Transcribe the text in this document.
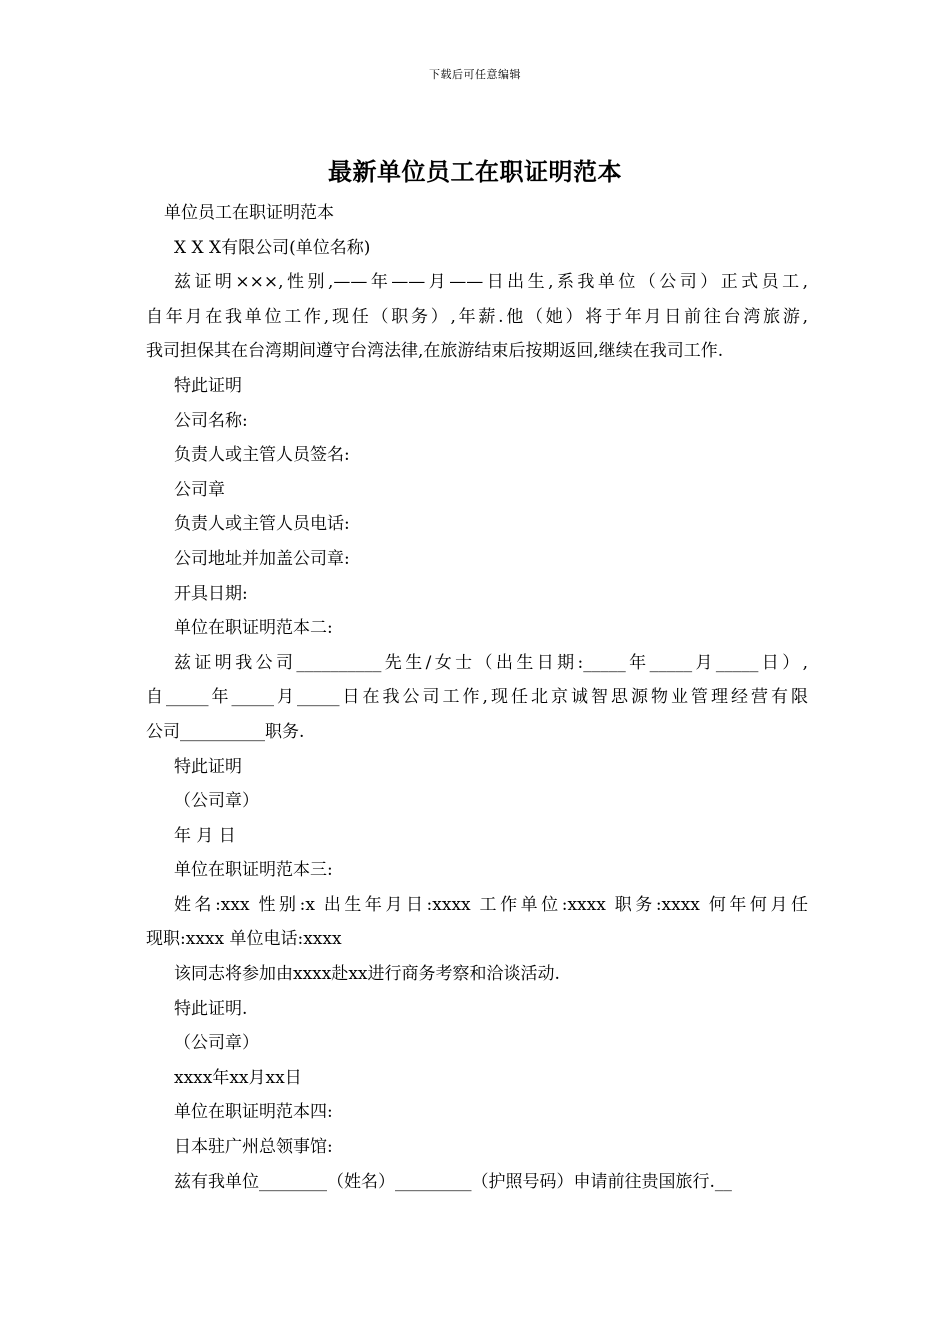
下载后可任意编辑
最新单位员工在职证明范本
单位员工在职证明范本
X X X有限公司(单位名称)
兹证明×××,性别,——年——月——日出生,系我单位（公司）正式员工,
自年月在我单位工作,现任（职务）,年薪.他（她）将于年月日前往台湾旅游,
我司担保其在台湾期间遵守台湾法律,在旅游结束后按期返回,继续在我司工作.
特此证明
公司名称:
负责人或主管人员签名:
公司章
负责人或主管人员电话:
公司地址并加盖公司章:
开具日期:
单位在职证明范本二:
兹证明我公司__________先生/女士（出生日期:_____年_____月_____日）,
自_____年_____月_____日在我公司工作,现任北京诚智思源物业管理经营有限
公司__________职务.
特此证明
（公司章）
年 月 日
单位在职证明范本三:
姓名:xxx 性别:x 出生年月日:xxxx 工作单位:xxxx 职务:xxxx 何年何月任
现职:xxxx 单位电话:xxxx
该同志将参加由xxxx赴xx进行商务考察和洽谈活动.
特此证明.
（公司章）
xxxx年xx月xx日
单位在职证明范本四:
日本驻广州总领事馆:
兹有我单位________（姓名）_________（护照号码）申请前往贵国旅行.__
